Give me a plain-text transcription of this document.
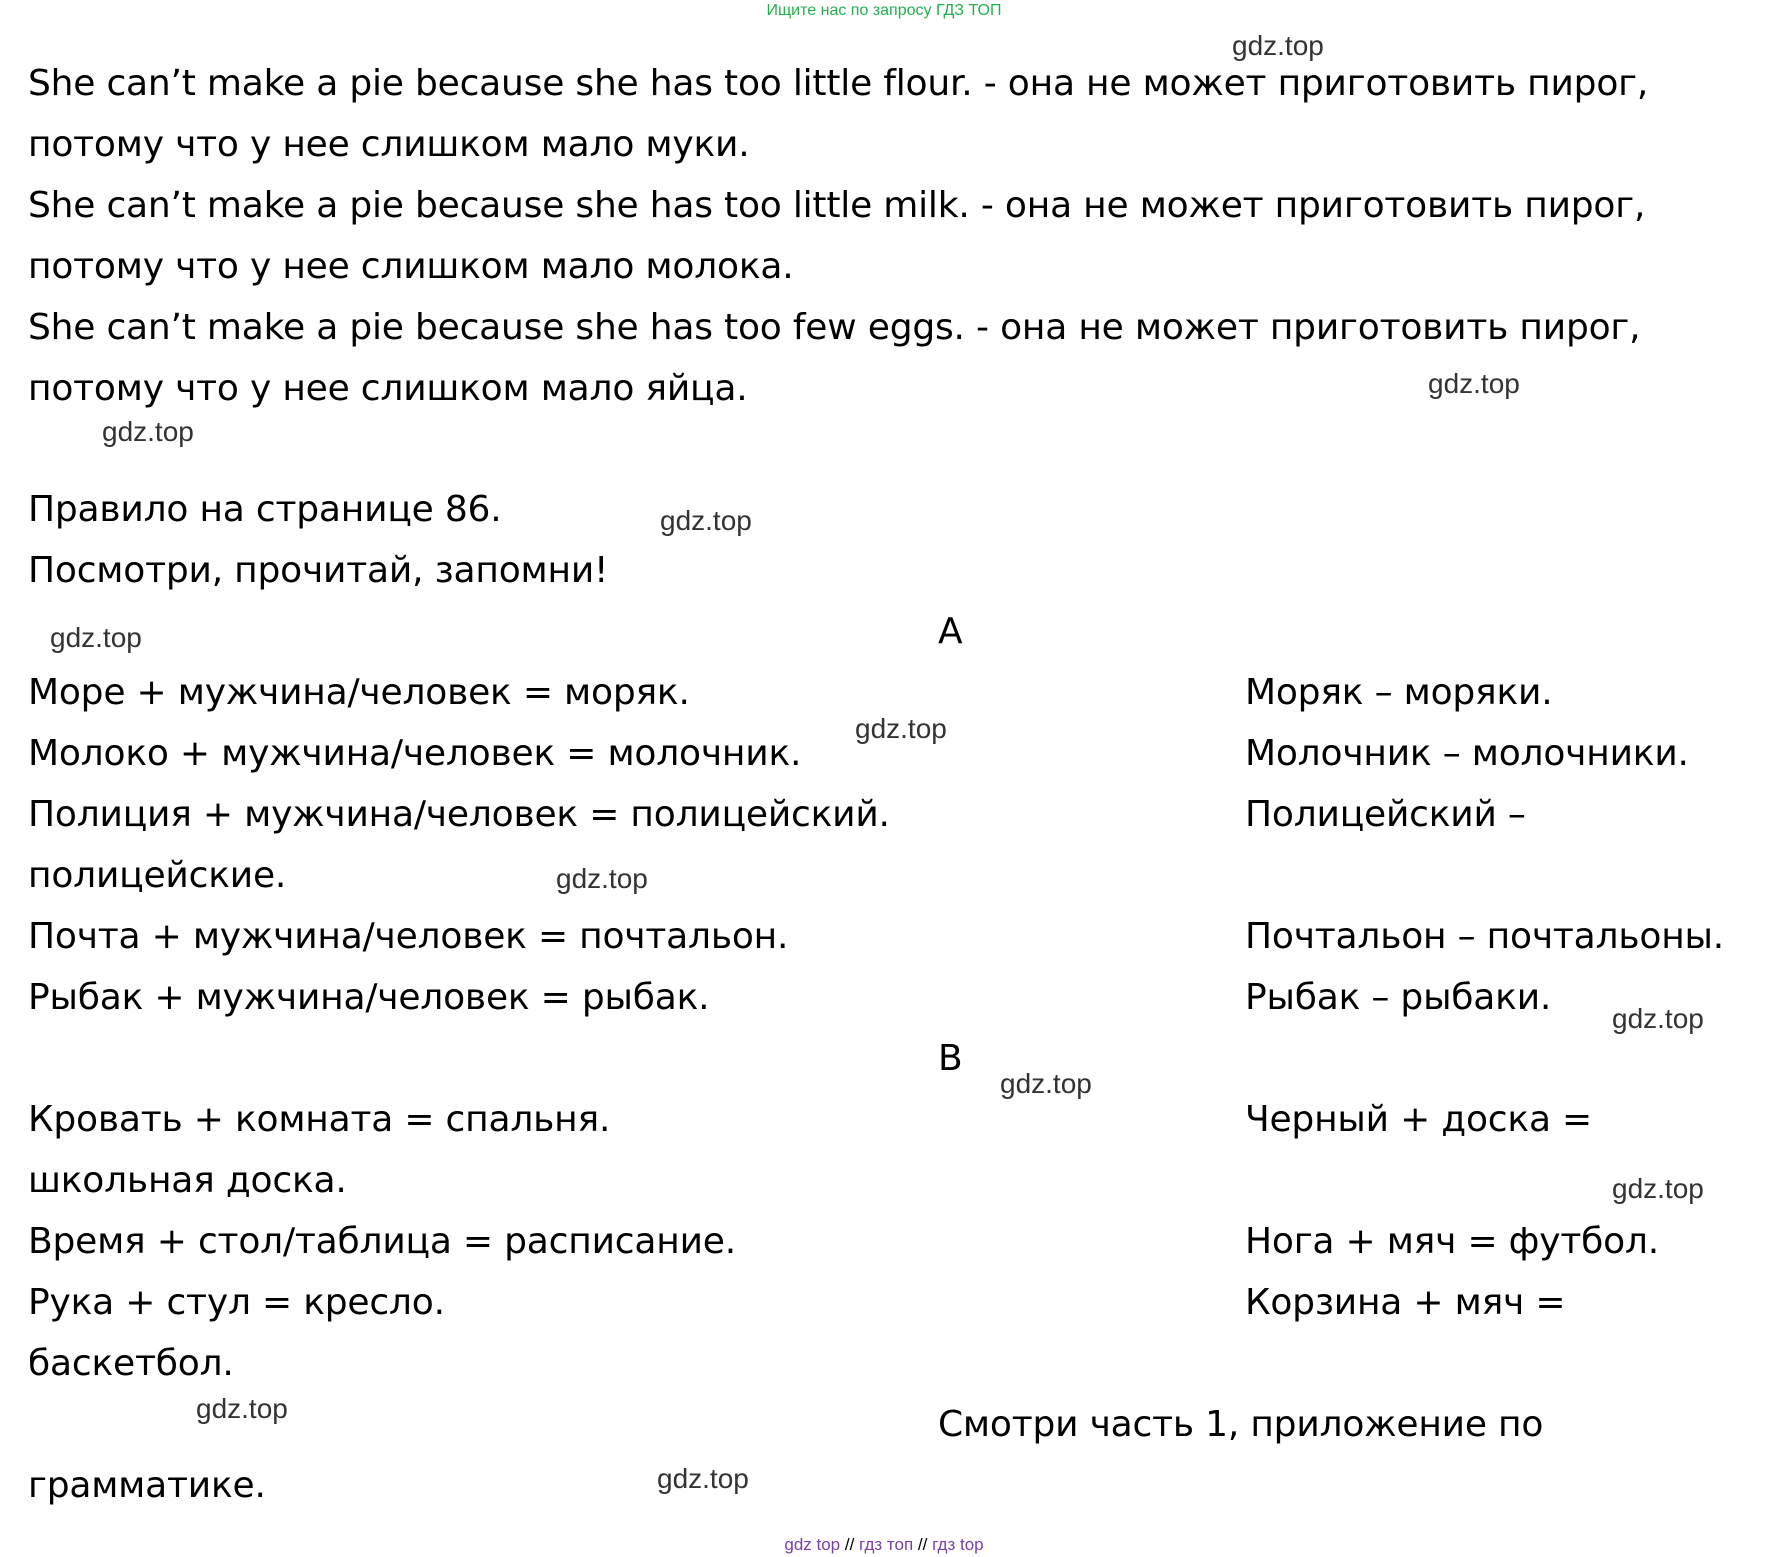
Ищите нас по запросу ГДЗ ТОП
She can’t make a pie because she has too little flour. - она не может приготовить пирог,
потому что у нее слишком мало муки.
She can’t make a pie because she has too little milk. - она не может приготовить пирог,
потому что у нее слишком мало молока.
She can’t make a pie because she has too few eggs. - она не может приготовить пирог,
потому что у нее слишком мало яйца.
Правило на странице 86.
Посмотри, прочитай, запомни!
A
Море + мужчина/человек = моряк.
Молоко + мужчина/человек = молочник.
Полиция + мужчина/человек = полицейский.
полицейские.
Почта + мужчина/человек = почтальон.
Рыбак + мужчина/человек = рыбак.
Моряк – моряки.
Молочник – молочники.
Полицейский –
Почтальон – почтальоны.
Рыбак – рыбаки.
B
Кровать + комната = спальня.
школьная доска.
Время + стол/таблица = расписание.
Рука + стул = кресло.
баскетбол.
Черный + доска =
Нога + мяч = футбол.
Корзина + мяч =
Смотри часть 1, приложение по
грамматике.
gdz.top
gdz.top
gdz.top
gdz.top
gdz.top
gdz.top
gdz.top
gdz.top
gdz.top
gdz.top
gdz.top
gdz.top
gdz top // гдз топ // гдз top
